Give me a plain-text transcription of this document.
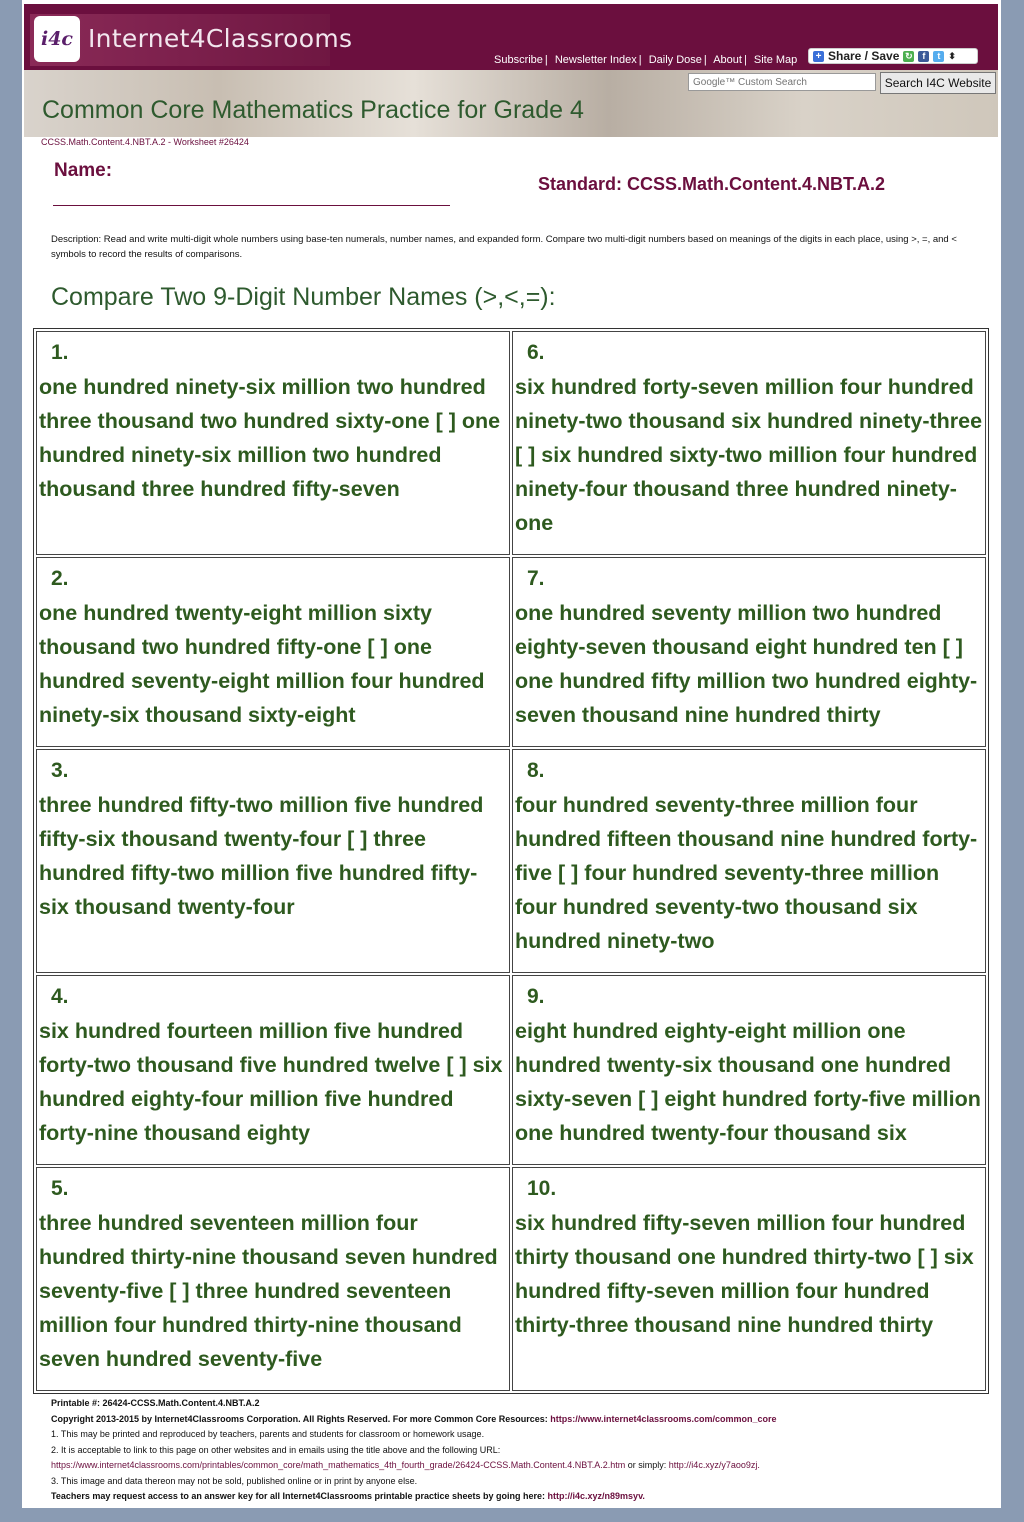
i4c Internet4Classrooms
Subscribe | Newsletter Index | Daily Dose | About | Site Map + Share / Save ↻	f	t ⬍
Google™ Custom Search
Search I4C Website
Common Core Mathematics Practice for Grade 4
CCSS.Math.Content.4.NBT.A.2 - Worksheet #26424
Name:
Standard: CCSS.Math.Content.4.NBT.A.2
Description: Read and write multi-digit whole numbers using base-ten numerals, number names, and expanded form. Compare two multi-digit numbers based on meanings of the digits in each place, using >, =, and < symbols to record the results of comparisons.
Compare Two 9-Digit Number Names (>,<,=):
1.
one hundred ninety-six million two hundred three thousand two hundred sixty-one [ ] one hundred ninety-six million two hundred thousand three hundred fifty-seven
6.
six hundred forty-seven million four hundred ninety-two thousand six hundred ninety-three [ ] six hundred sixty-two million four hundred ninety-four thousand three hundred ninety-one
2.
one hundred twenty-eight million sixty thousand two hundred fifty-one [ ] one hundred seventy-eight million four hundred ninety-six thousand sixty-eight
7.
one hundred seventy million two hundred eighty-seven thousand eight hundred ten [ ] one hundred fifty million two hundred eighty-seven thousand nine hundred thirty
3.
three hundred fifty-two million five hundred fifty-six thousand twenty-four [ ] three hundred fifty-two million five hundred fifty-six thousand twenty-four
8.
four hundred seventy-three million four hundred fifteen thousand nine hundred forty-five [ ] four hundred seventy-three million four hundred seventy-two thousand six hundred ninety-two
4.
six hundred fourteen million five hundred forty-two thousand five hundred twelve [ ] six hundred eighty-four million five hundred forty-nine thousand eighty
9.
eight hundred eighty-eight million one hundred twenty-six thousand one hundred sixty-seven [ ] eight hundred forty-five million one hundred twenty-four thousand six
5.
three hundred seventeen million four hundred thirty-nine thousand seven hundred seventy-five [ ] three hundred seventeen million four hundred thirty-nine thousand seven hundred seventy-five
10.
six hundred fifty-seven million four hundred thirty thousand one hundred thirty-two [ ] six hundred fifty-seven million four hundred thirty-three thousand nine hundred thirty
Printable #: 26424-CCSS.Math.Content.4.NBT.A.2
Copyright 2013-2015 by Internet4Classrooms Corporation. All Rights Reserved. For more Common Core Resources: https://www.internet4classrooms.com/common_core
1. This may be printed and reproduced by teachers, parents and students for classroom or homework usage.
2. It is acceptable to link to this page on other websites and in emails using the title above and the following URL:
https://www.internet4classrooms.com/printables/common_core/math_mathematics_4th_fourth_grade/26424-CCSS.Math.Content.4.NBT.A.2.htm or simply: http://i4c.xyz/y7aoo9zj.
3. This image and data thereon may not be sold, published online or in print by anyone else.
Teachers may request access to an answer key for all Internet4Classrooms printable practice sheets by going here: http://i4c.xyz/n89msyv.
